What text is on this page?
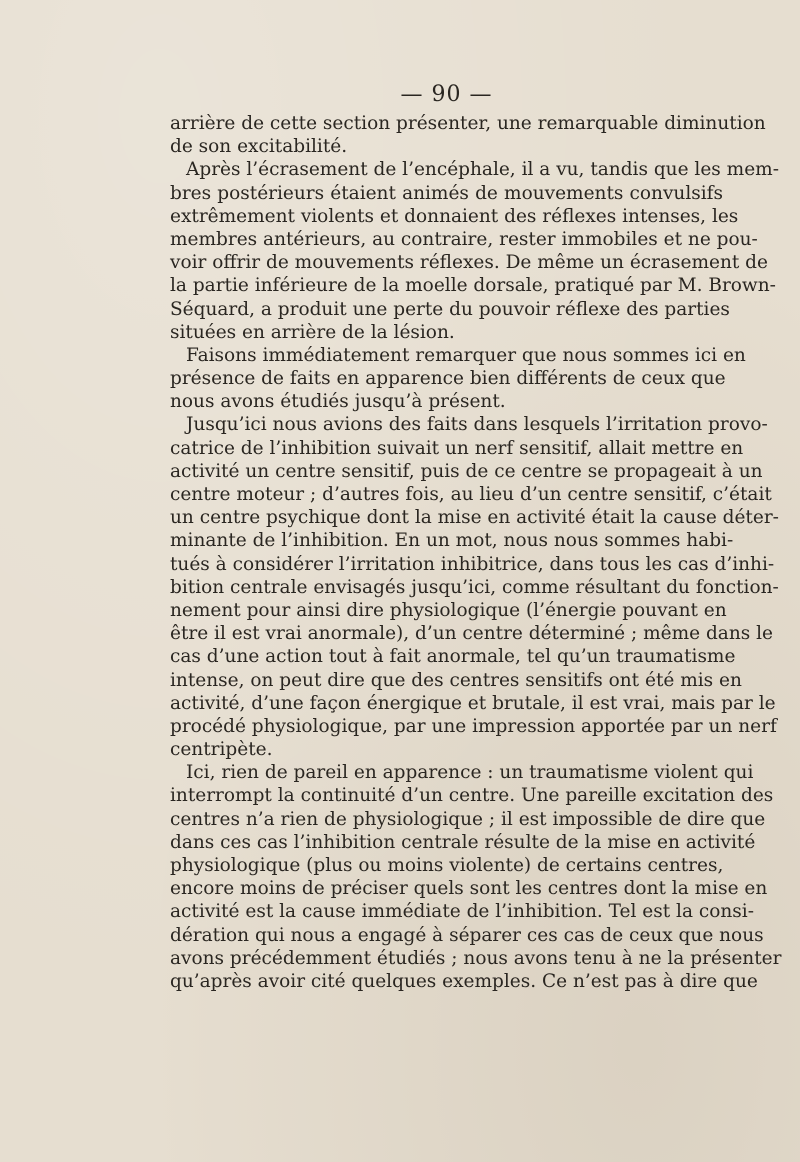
— 90 —
arrière de cette section présenter, une remarquable diminution
de son excitabilité.
Après l’écrasement de l’encéphale, il a vu, tandis que les mem-
bres postérieurs étaient animés de mouvements convulsifs
extrêmement violents et donnaient des réflexes intenses, les
membres antérieurs, au contraire, rester immobiles et ne pou-
voir offrir de mouvements réflexes. De même un écrasement de
la partie inférieure de la moelle dorsale, pratiqué par M. Brown-
Séquard, a produit une perte du pouvoir réflexe des parties
situées en arrière de la lésion.
Faisons immédiatement remarquer que nous sommes ici en
présence de faits en apparence bien différents de ceux que
nous avons étudiés jusqu’à présent.
Jusqu’ici nous avions des faits dans lesquels l’irritation provo-
catrice de l’inhibition suivait un nerf sensitif, allait mettre en
activité un centre sensitif, puis de ce centre se propageait à un
centre moteur ; d’autres fois, au lieu d’un centre sensitif, c’était
un centre psychique dont la mise en activité était la cause déter-
minante de l’inhibition. En un mot, nous nous sommes habi-
tués à considérer l’irritation inhibitrice, dans tous les cas d’inhi-
bition centrale envisagés jusqu’ici, comme résultant du fonction-
nement pour ainsi dire physiologique (l’énergie pouvant en
être il est vrai anormale), d’un centre déterminé ; même dans le
cas d’une action tout à fait anormale, tel qu’un traumatisme
intense, on peut dire que des centres sensitifs ont été mis en
activité, d’une façon énergique et brutale, il est vrai, mais par le
procédé physiologique, par une impression apportée par un nerf
centripète.
Ici, rien de pareil en apparence : un traumatisme violent qui
interrompt la continuité d’un centre. Une pareille excitation des
centres n’a rien de physiologique ; il est impossible de dire que
dans ces cas l’inhibition centrale résulte de la mise en activité
physiologique (plus ou moins violente) de certains centres,
encore moins de préciser quels sont les centres dont la mise en
activité est la cause immédiate de l’inhibition. Tel est la consi-
dération qui nous a engagé à séparer ces cas de ceux que nous
avons précédemment étudiés ; nous avons tenu à ne la présenter
qu’après avoir cité quelques exemples. Ce n’est pas à dire que
